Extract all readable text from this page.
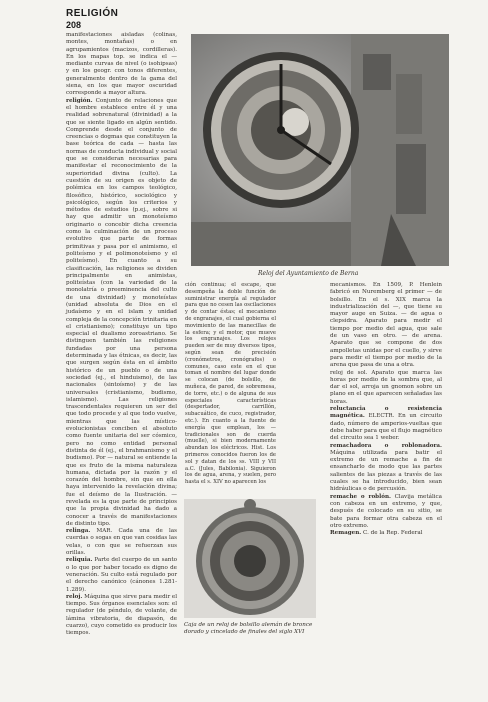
RELIGIÓN
208

manifestaciones aisladas (colinas, montes, montañas) o en agrupamientos (macizos, cordilleras). En los mapas top. se indica el — mediante curvas de nivel (o isohipsas) y en los geogr. con tonos diferentes, generalmente dentro de la gama del siena, en los que mayor oscuridad corresponde a mayor altura.

religión. Conjunto de relaciones que el hombre establece entre él y una realidad sobrenatural (divinidad) a la que se siente ligado en algún sentido. Comprende desde el conjunto de creencias o dogmas que constituyen la base teórica de cada — hasta las normas de conducta individual y social que se consideran necesarias para manifestar el reconocimiento de la superioridad divina (culto). La cuestión de su origen es objeto de polémica en los campos teológico, filosófico, histórico, sociológico y psicológico, según los criterios y métodos de estudios (p.ej., sobre si hay que admitir un monoteísmo originario o concebir dicha creencia como la culminación de un proceso evolutivo que parte de formas primitivas y pasa por el animismo, el politeísmo y el polimonoteísmo y el politeísmo). En cuanto a su clasificación, las religiones se dividen principalmente en animistas, politeístas (con la variedad de la monolatría o preeminencia del culto de una divinidad) y monoteístas (unidad absoluta de Dios en el judaísmo y en el islam y unidad compleja de la concepción trinitaria en el cristianismo); constituye un tipo especial el dualismo zoroastriano. Se distinguen también las religiones fundadas por una persona determinada y las étnicas, es decir, las que surgen según ésta en el ámbito histórico de un pueblo o de una sociedad (ej., el hinduismo), de las nacionales (sintoísmo) y de las universales (cristianismo, budismo, islamismo). Las religiones trascendentales requieren un ser del que todo procede y al que todo vuelve, mientras que las místico-evolucionistas conciben el absoluto como fuente unitaria del ser cósmico, pero no como entidad personal distinta de él (ej., el brahmanismo y el budismo). Por — natural se entiende la que es fruto de la misma naturaleza humana, dictada por la razón y el corazón del hombre, sin que en ella haya intervenido la revelación divina; fue el deísmo de la Ilustración. — revelada es la que parte de principios que la propia divinidad ha dado a conocer a través de manifestaciones de distinto tipo.

relinga. MAR. Cada una de las cuerdas o sogas en que van cosidas las velas, o con que se refuerzan sus orillas.

reliquia. Parte del cuerpo de un santo o lo que por haber tocado es digno de veneración. Su culto está regulado por el derecho canónico (cánones 1.281-1.289).

reloj. Máquina que sirve para medir el tiempo. Sus órganos esenciales son: el regulador (de péndulo, de volante, de lámina vibratoria, de diapasón, de cuarzo), cuyo cometido es producir los tiempos.

Reloj del Ayuntamiento de Berna

ción continua; el escape, que desempeña la doble función de suministrar energía al regulador para que no cesen las oscilaciones y de contar éstas; el mecanismo de engranajes, el cual gobierna el movimiento de las manecillas de la esfera; y el motor, que mueve los engranajes. Los relojes pueden ser de muy diversos tipos, según sean de precisión (cronómetros, cronógrafos) o comunes, caso este en el que toman el nombre del lugar donde se colocan (de bolsillo, de muñeca, de pared, de sobremesa, de torre, etc.) o de alguna de sus especiales características (despertador, carrillón, subacuático, de cuco, registrador, etc.). En cuanto a la fuente de energía que emplean, los — tradicionales son de cuerda (muelle), si bien modernamente abundan los eléctricos. Hist. Los primeros conocidos fueron los de sol y datan de los ss. VIII y VII a.C. (Jules, Babilonia). Siguieron los de agua, arena, y suelen, pero hasta el s. XIV no aparecen los

Caja de un reloj de bolsillo alemán de bronce dorado y cincelado de finales del siglo XVI

mecanismos. En 1509, P. Henlein fabricó en Nuremberg el primer — de bolsillo. En el s. XIX marca la industrialización del —, que tiene su mayor auge en Suiza. — de agua o clepsidra. Aparato para medir el tiempo por medio del agua, que sale de un vaso en otro. — de arena. Aparato que se compone de dos ampolletas unidas por el cuello, y sirve para medir el tiempo por medio de la arena que pasa de una a otra.

reloj de sol. Aparato que marca las horas por medio de la sombra que, al dar el sol, arroja un gnomon sobre un plano en el que aparecen señaladas las horas.

reluctancia o resistencia magnética. ELECTR. En un circuito dado, número de amperios-vueltas que debe haber para que el flujo magnético del circuito sea 1 weber.

remachadora o roblonadora. Máquina utilizada para batir el extremo de un remache a fin de ensancharlo de modo que las partes salientes de las piezas a través de las cuales se ha introducido, bien sean hidráulicas o de percusión.

remache o roblón. Clavija metálica con cabeza en un extremo, y que, después de colocado en su sitio, se bate para formar otra cabeza en el otro extremo.

Remagen. C. de la Rep. Federal
